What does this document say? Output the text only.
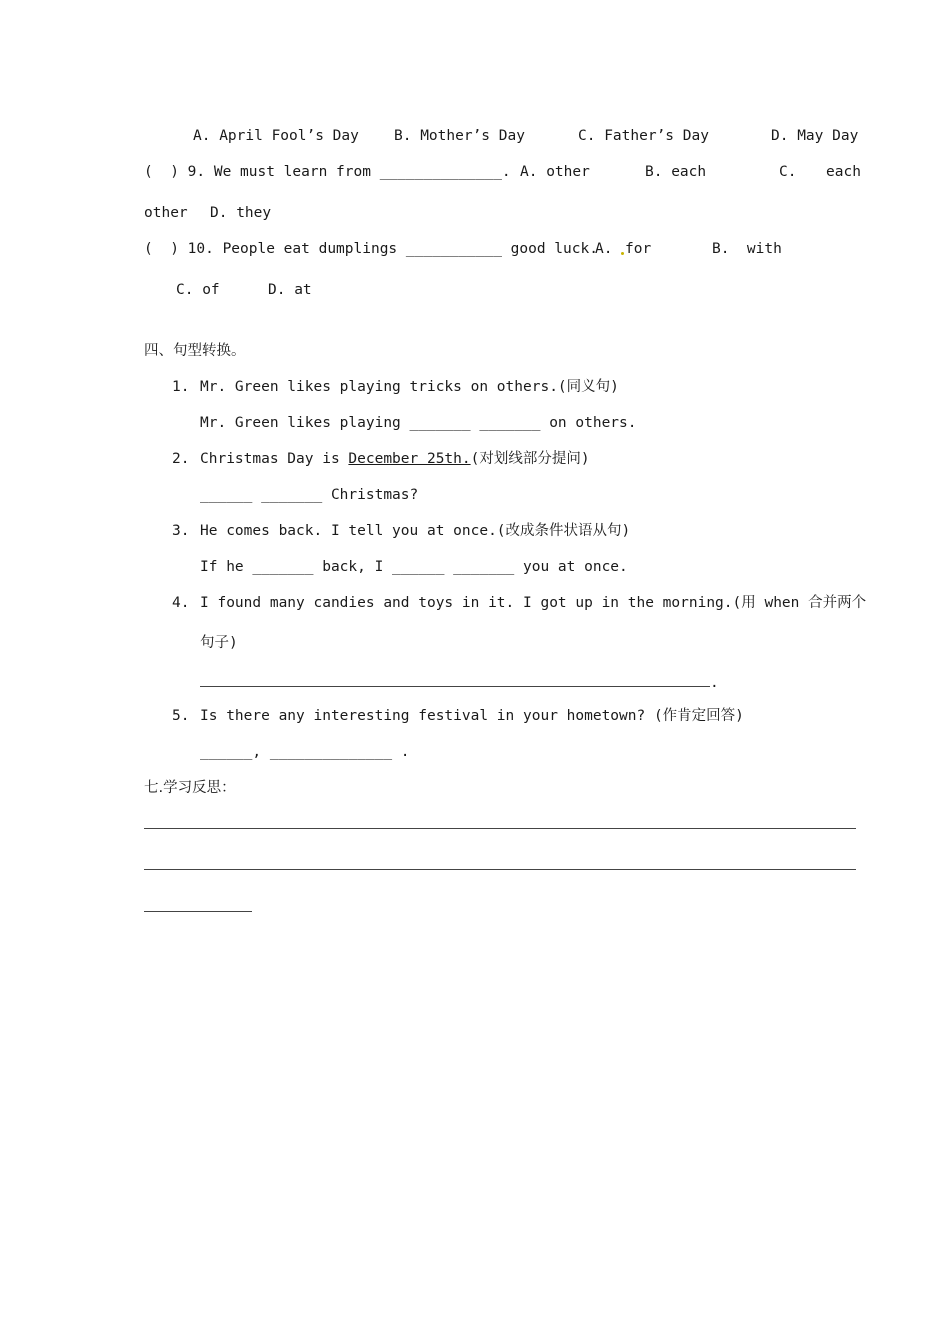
A. April Fool’s Day B. Mother’s Day	C. Father’s Day	D. May Day
(  ) 9. We must learn from ______________. A. other	B. each	C. each
other D. they
(  ) 10. People eat dumplings ___________ good luck.
A. for	B.  with
C. of	D. at
四、句型转换。
1. Mr. Green likes playing tricks on others.(同义句)
Mr. Green likes playing _______ _______ on others.
2. Christmas Day is December 25th.(对划线部分提问)
______ _______ Christmas?
3. He comes back. I tell you at once.(改成条件状语从句)
If he _______ back, I ______ _______ you at once.
4. I found many candies and toys in it. I got up in the morning.(用 when 合并两个
句子)
.
5. Is there any interesting festival in your hometown? (作肯定回答)
______, ______________ .
七.学习反思：
